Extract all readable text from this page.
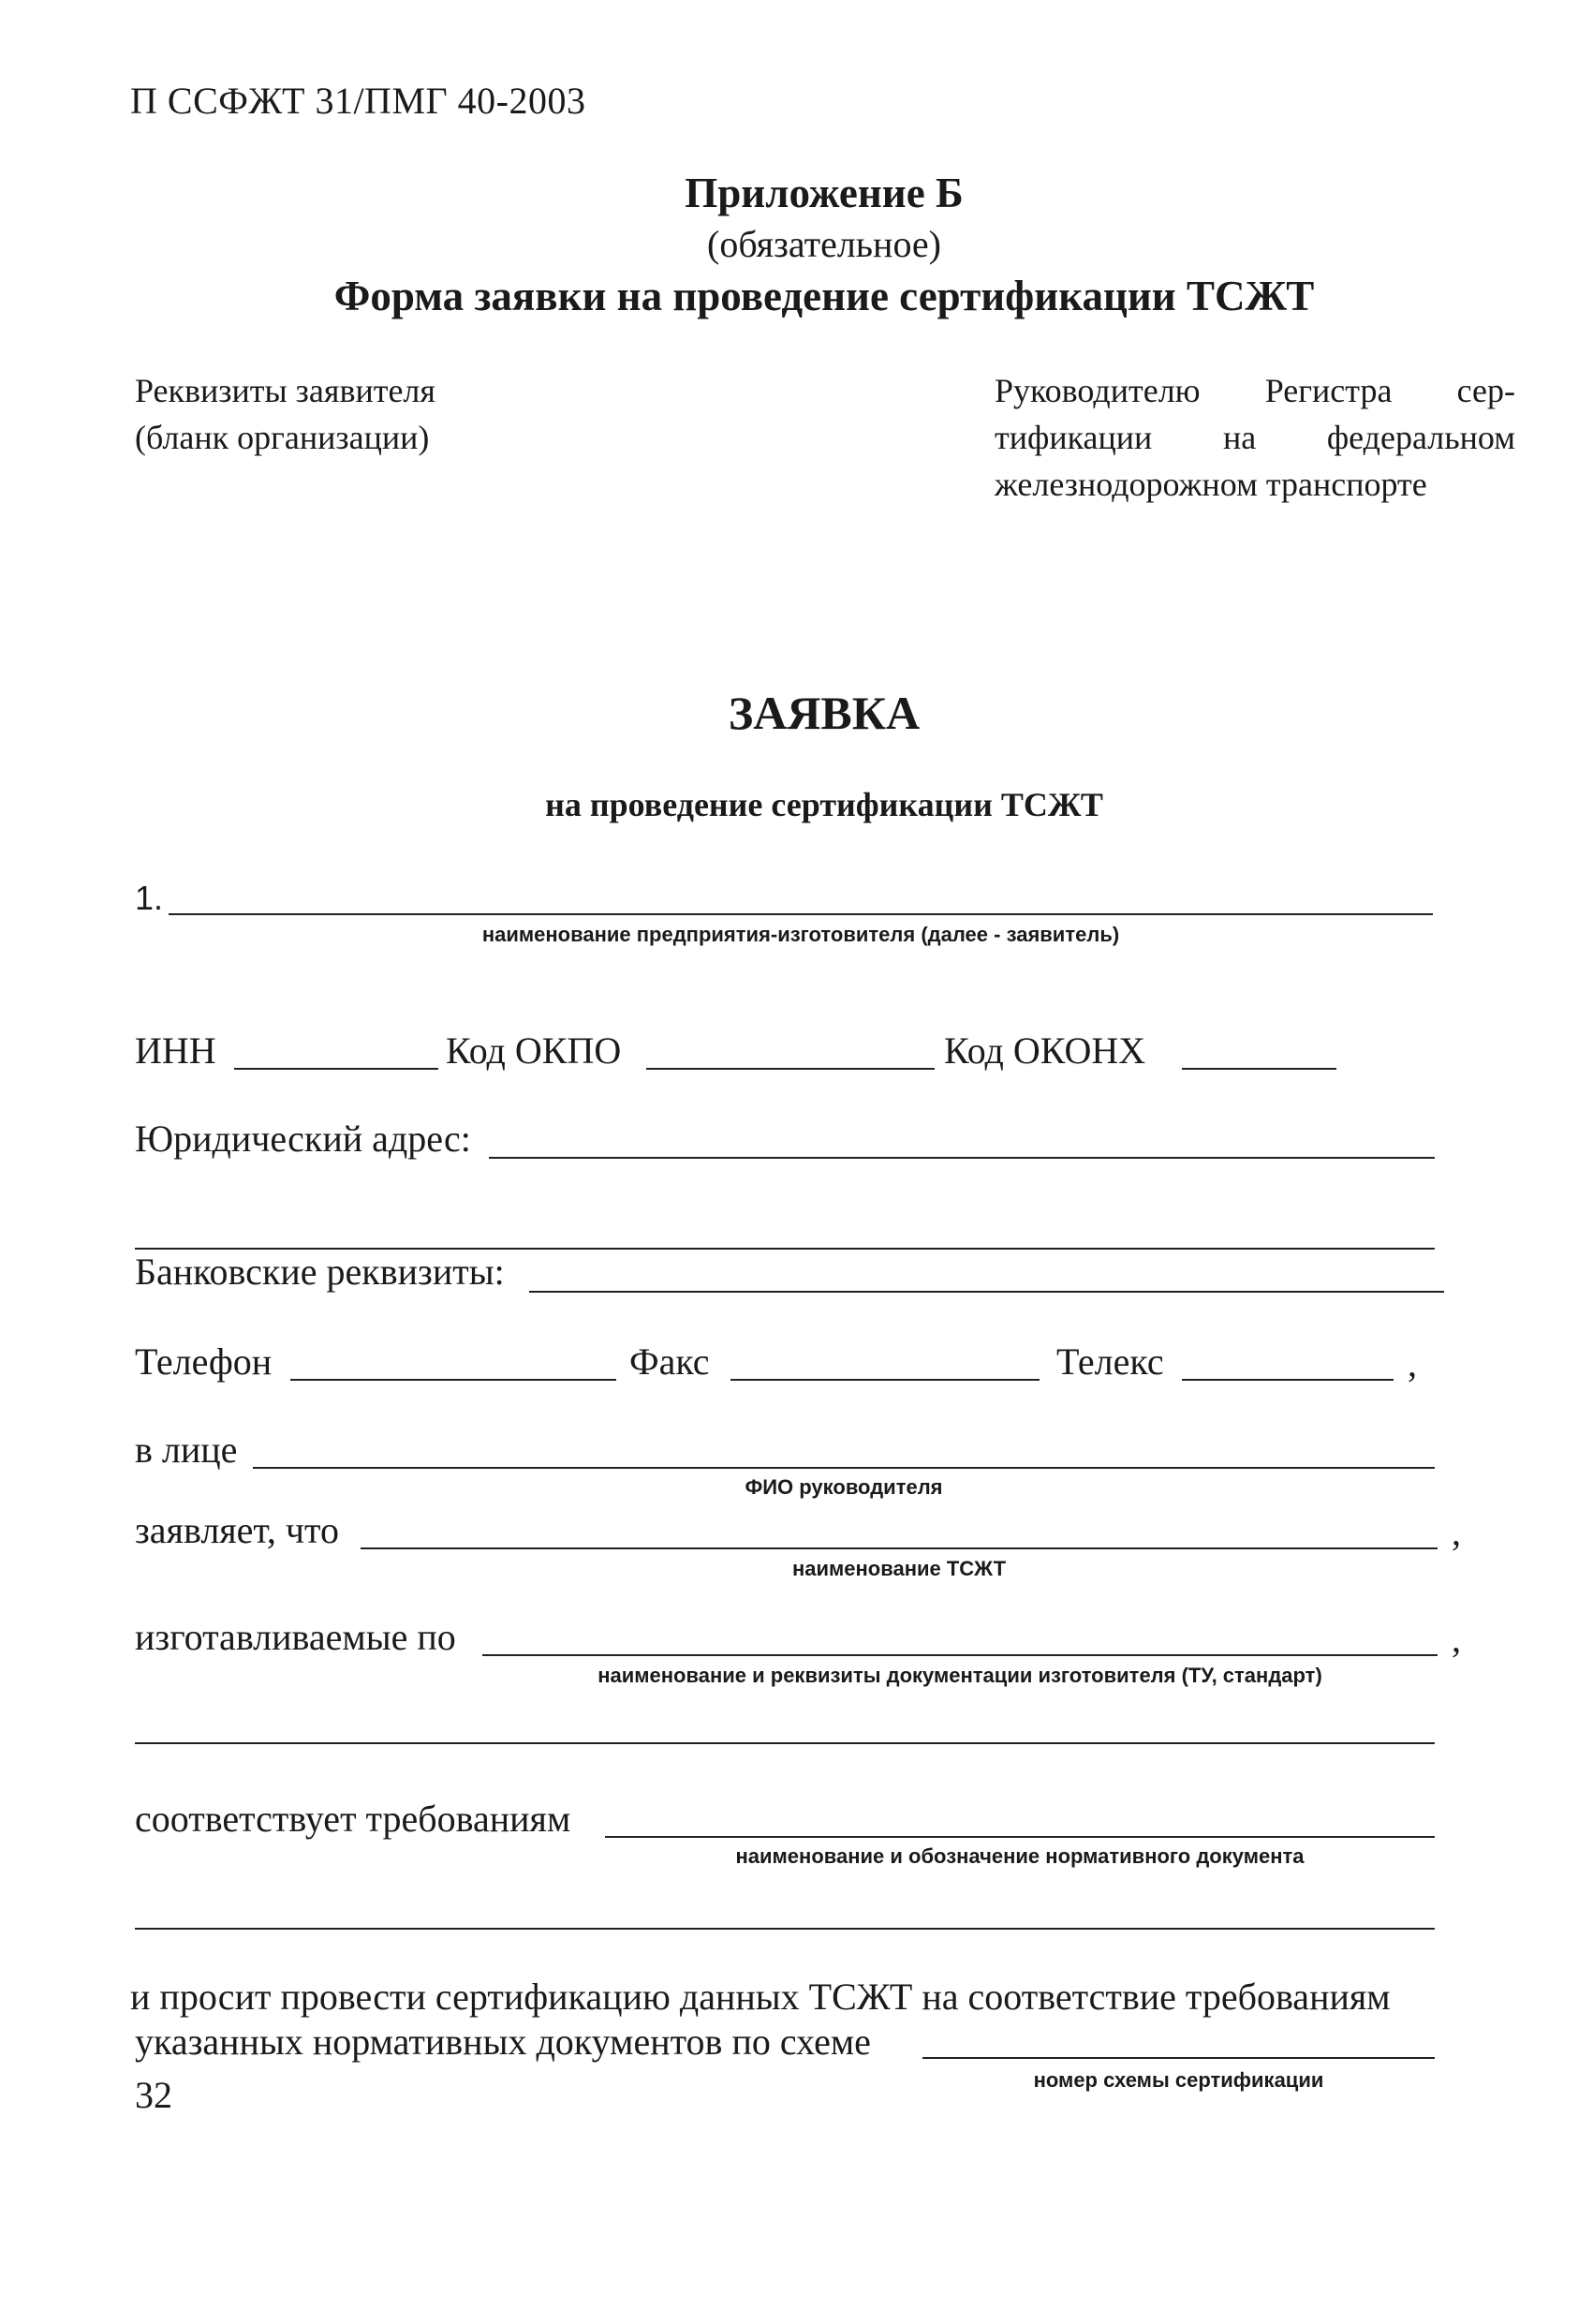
П ССФЖТ 31/ПМГ 40-2003
Приложение Б
(обязательное)
Форма заявки на проведение сертификации ТСЖТ
Реквизиты заявителя
(бланк организации)
Руководителю Регистра сер-
тификации на федеральном
железнодорожном транспорте
ЗАЯВКА
на проведение сертификации ТСЖТ
1.
наименование предприятия-изготовителя (далее - заявитель)
ИНН	Код ОКПО	Код ОКОНХ
Юридический адрес:
Банковские реквизиты:
Телефон	Факс	Телекс	,
в лице
ФИО руководителя
заявляет, что	,
наименование ТСЖТ
изготавливаемые по	,
наименование и реквизиты документации изготовителя (ТУ, стандарт)
соответствует требованиям
наименование и обозначение нормативного документа
и просит провести сертификацию данных ТСЖТ на соответствие требованиям
указанных нормативных документов по схеме
номер схемы сертификации
32
